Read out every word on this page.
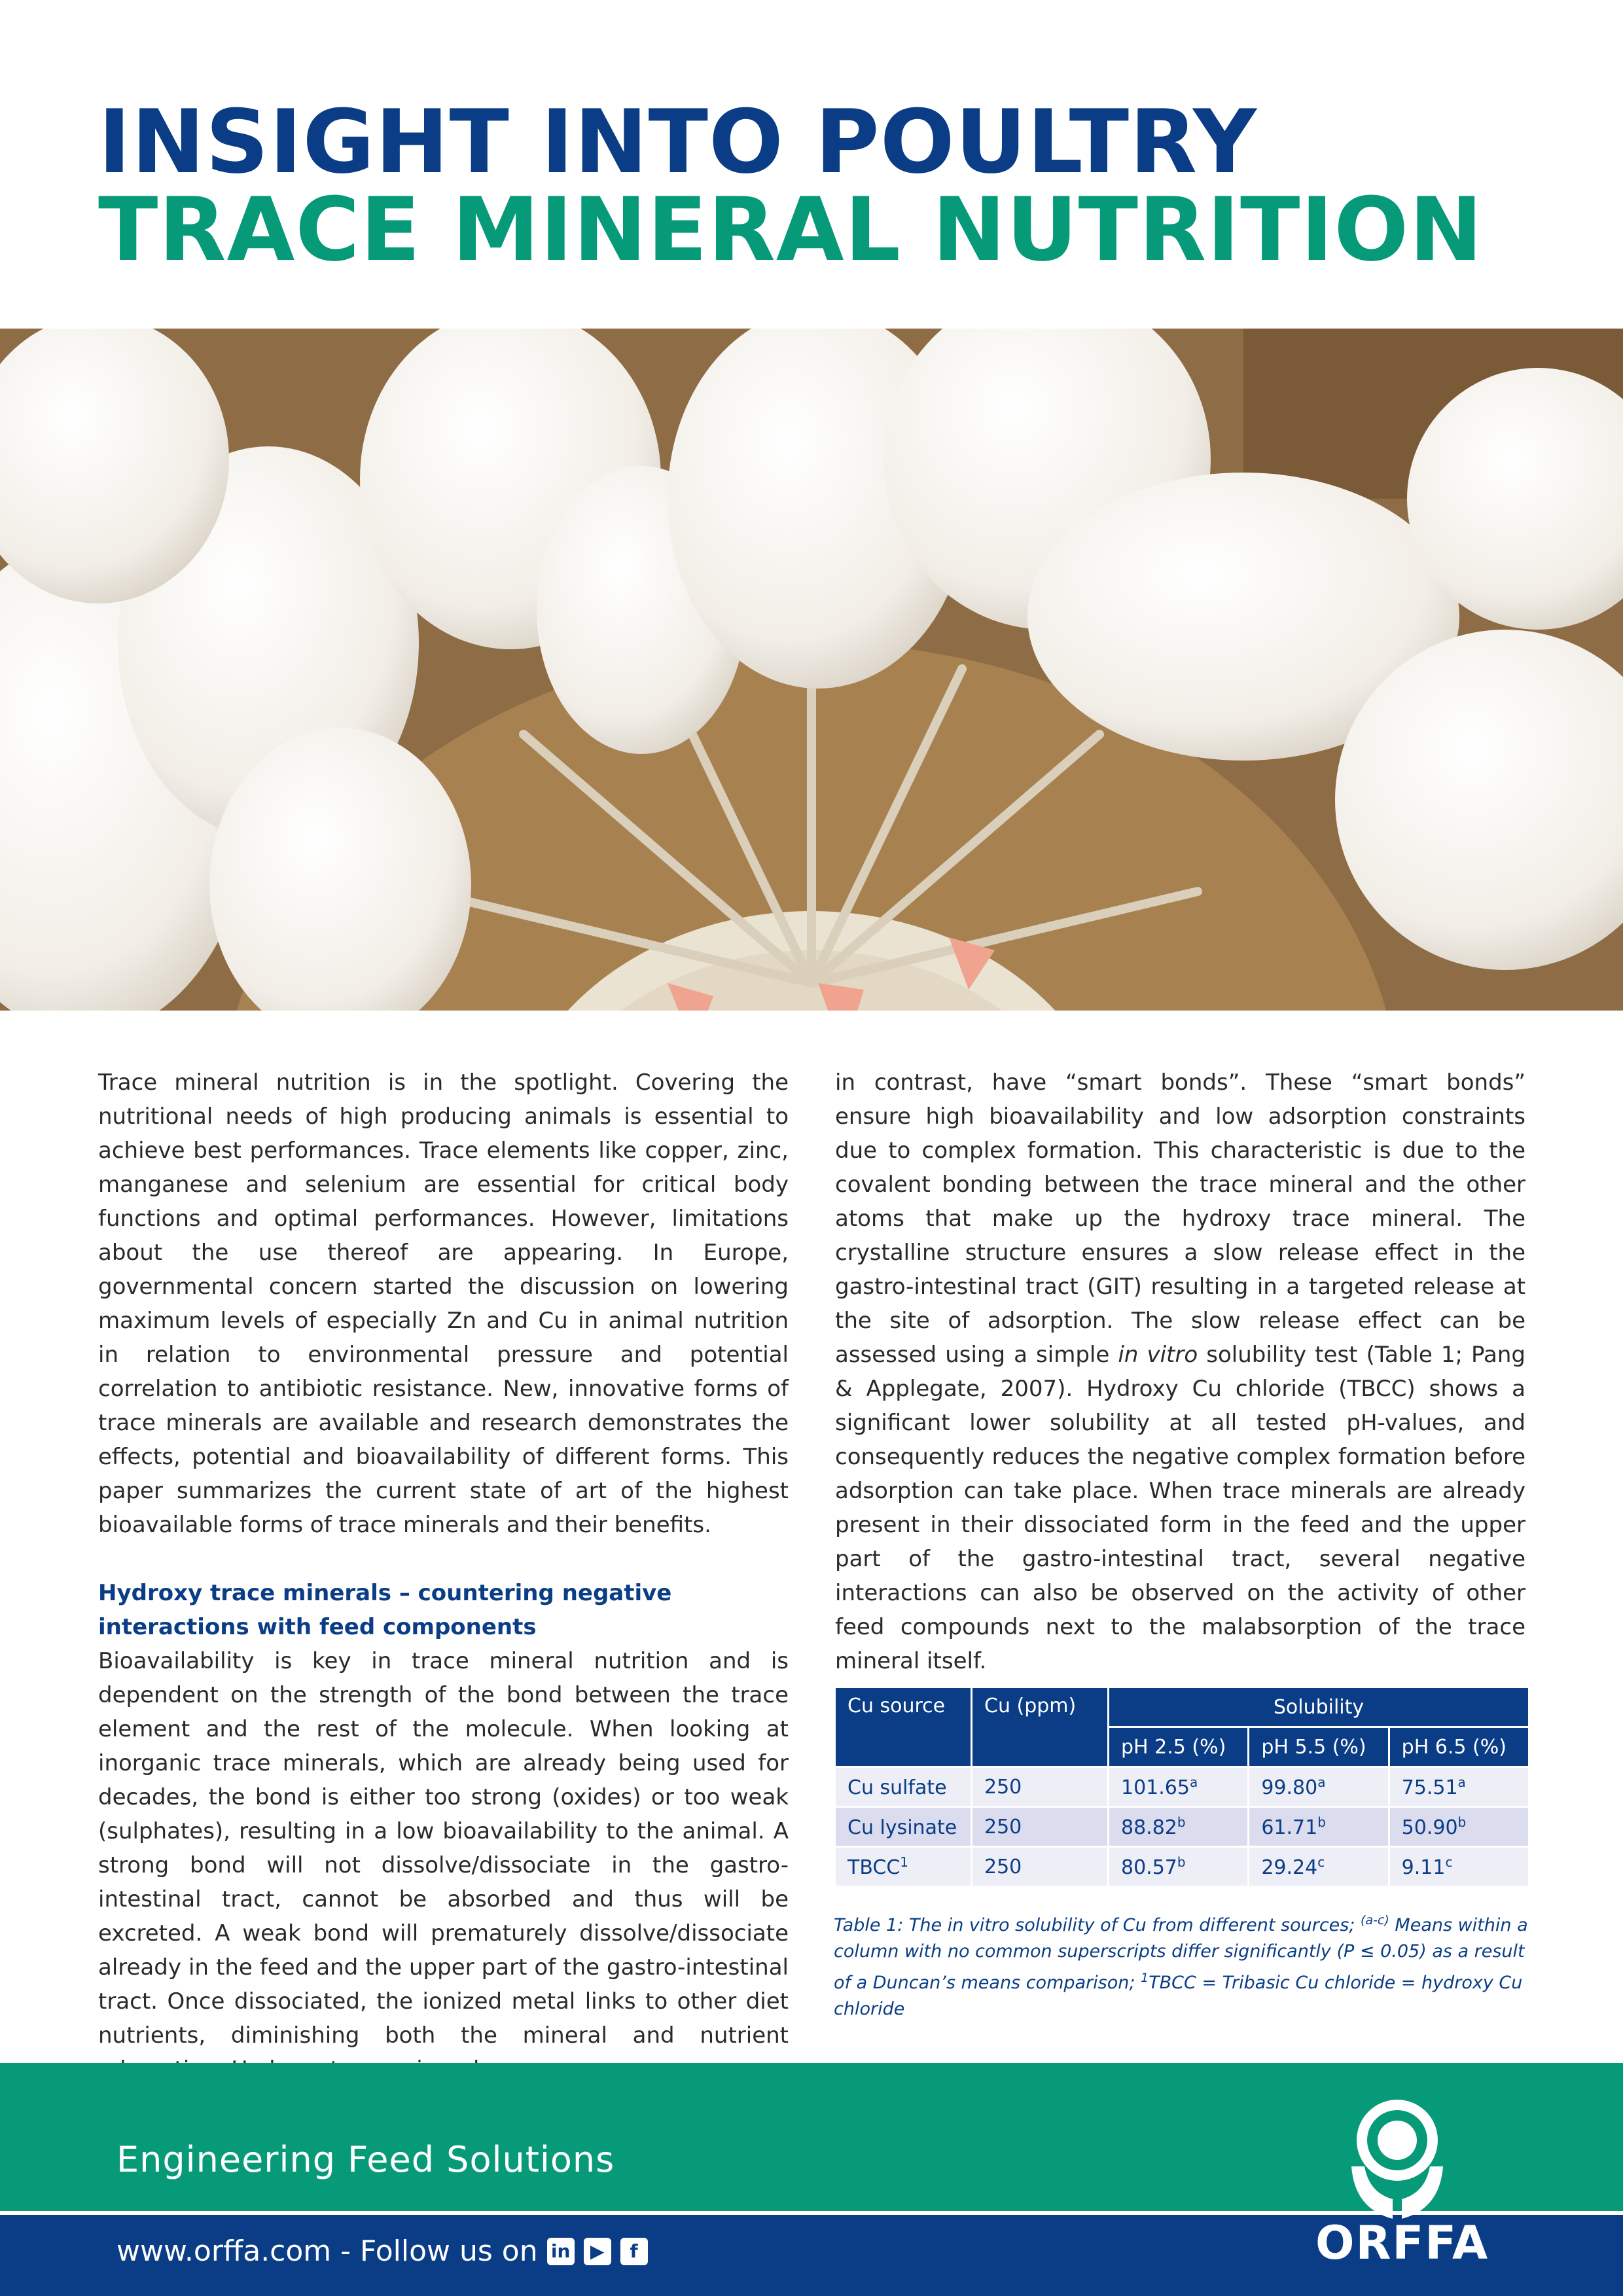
INSIGHT INTO POULTRY
TRACE MINERAL NUTRITION

Trace mineral nutrition is in the spotlight. Covering the nutritional needs of high producing animals is essential to achieve best performances. Trace elements like copper, zinc, manganese and selenium are essential for critical body functions and optimal performances. However, limitations about the use thereof are appearing. In Europe, governmental concern started the discussion on lowering maximum levels of especially Zn and Cu in animal nutrition in relation to environmental pressure and potential correlation to antibiotic resistance. New, innovative forms of trace minerals are available and research demonstrates the effects, potential and bioavailability of different forms. This paper summarizes the current state of art of the highest bioavailable forms of trace minerals and their benefits.

Hydroxy trace minerals – countering negative interactions with feed components

Bioavailability is key in trace mineral nutrition and is dependent on the strength of the bond between the trace element and the rest of the molecule. When looking at inorganic trace minerals, which are already being used for decades, the bond is either too strong (oxides) or too weak (sulphates), resulting in a low bioavailability to the animal. A strong bond will not dissolve/dissociate in the gastro-intestinal tract, cannot be absorbed and thus will be excreted. A weak bond will prematurely dissolve/dissociate already in the feed and the upper part of the gastro-intestinal tract. Once dissociated, the ionized metal links to other diet nutrients, diminishing both the mineral and nutrient

in contrast, have “smart bonds”. These “smart bonds” ensure high bioavailability and low adsorption constraints due to complex formation. This characteristic is due to the covalent bonding between the trace mineral and the other atoms that make up the hydroxy trace mineral. The crystalline structure ensures a slow release effect in the gastro-intestinal tract (GIT) resulting in a targeted release at the site of adsorption. The slow release effect can be assessed using a simple in vitro solubility test (Table 1; Pang & Applegate, 2007). Hydroxy Cu chloride (TBCC) shows a significant lower solubility at all tested pH-values, and consequently reduces the negative complex formation before adsorption can take place. When trace minerals are already present in their dissociated form in the feed and the upper part of the gastro-intestinal tract, several negative interactions can also be observed on the activity of other feed compounds next to the malabsorption of the trace mineral itself.

Cu source	Cu (ppm)	Solubility		
		pH 2.5 (%)	pH 5.5 (%)	pH 6.5 (%)
Cu sulfate	250	101.65$^a$	99.80$^a$	75.51$^a$
Cu lysinate	250	88.82$^b$	61.71$^b$	50.90$^b$
TBCC$^1$	250	80.57$^b$	29.24$^c$	9.11$^c$
Table 1: The in vitro solubility of Cu from different sources; $^{(a-c)}$ Means within a column with no common superscripts differ significantly (P ≤ 0.05) as a result of a Duncan’s means comparison; $^1$TBCC = Tribasic Cu chloride = hydroxy Cu chloride
Engineering Feed Solutions
www.orffa.com - Follow us on in	▶	f	ORFFA
